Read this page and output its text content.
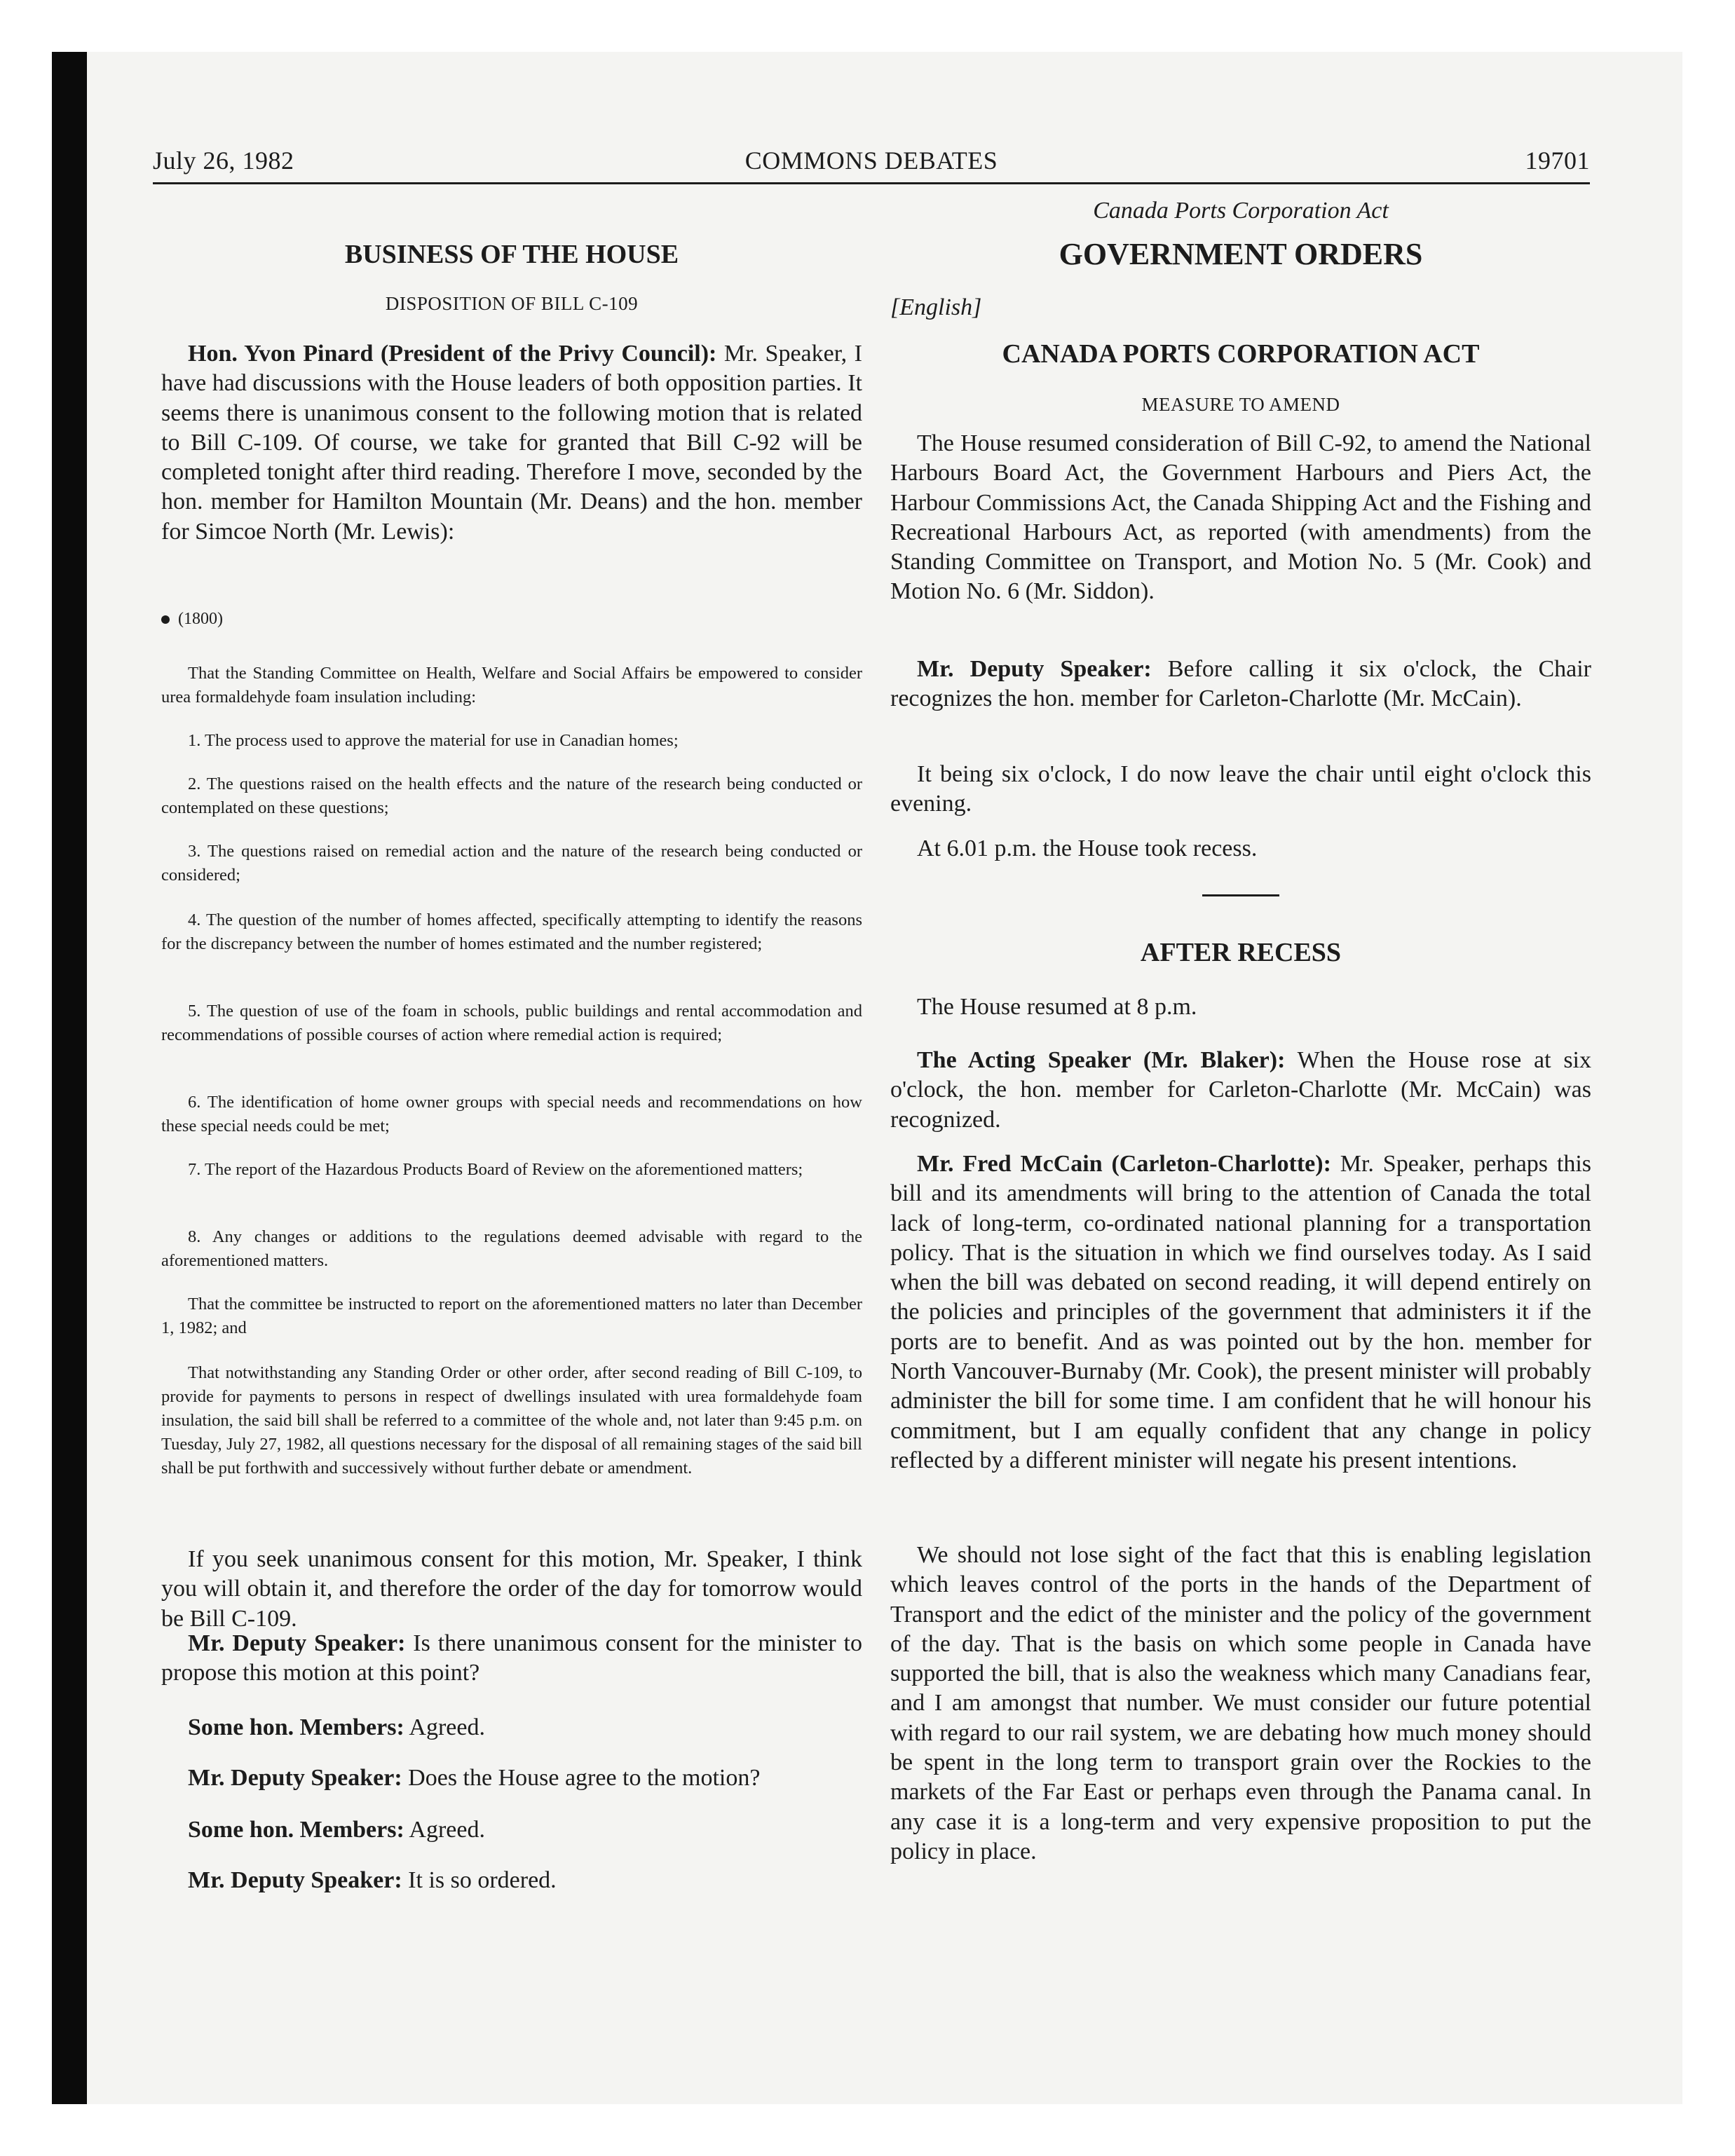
July 26, 1982	COMMONS DEBATES	19701
BUSINESS OF THE HOUSE
DISPOSITION OF BILL C-109

Hon. Yvon Pinard (President of the Privy Council): Mr. Speaker, I have had discussions with the House leaders of both opposition parties. It seems there is unanimous consent to the following motion that is related to Bill C-109. Of course, we take for granted that Bill C-92 will be completed tonight after third reading. Therefore I move, seconded by the hon. member for Hamilton Mountain (Mr. Deans) and the hon. member for Simcoe North (Mr. Lewis):

(1800)
That the Standing Committee on Health, Welfare and Social Affairs be empowered to consider urea formaldehyde foam insulation including:
1. The process used to approve the material for use in Canadian homes;
2. The questions raised on the health effects and the nature of the research being conducted or contemplated on these questions;
3. The questions raised on remedial action and the nature of the research being conducted or considered;
4. The question of the number of homes affected, specifically attempting to identify the reasons for the discrepancy between the number of homes estimated and the number registered;
5. The question of use of the foam in schools, public buildings and rental accommodation and recommendations of possible courses of action where remedial action is required;
6. The identification of home owner groups with special needs and recommendations on how these special needs could be met;
7. The report of the Hazardous Products Board of Review on the aforementioned matters;
8. Any changes or additions to the regulations deemed advisable with regard to the aforementioned matters.
That the committee be instructed to report on the aforementioned matters no later than December 1, 1982; and
That notwithstanding any Standing Order or other order, after second reading of Bill C-109, to provide for payments to persons in respect of dwellings insulated with urea formaldehyde foam insulation, the said bill shall be referred to a committee of the whole and, not later than 9:45 p.m. on Tuesday, July 27, 1982, all questions necessary for the disposal of all remaining stages of the said bill shall be put forthwith and successively without further debate or amendment.

If you seek unanimous consent for this motion, Mr. Speaker, I think you will obtain it, and therefore the order of the day for tomorrow would be Bill C-109.

Mr. Deputy Speaker: Is there unanimous consent for the minister to propose this motion at this point?

Some hon. Members: Agreed.

Mr. Deputy Speaker: Does the House agree to the motion?

Some hon. Members: Agreed.

Mr. Deputy Speaker: It is so ordered.

Canada Ports Corporation Act
GOVERNMENT ORDERS
[English]
CANADA PORTS CORPORATION ACT
MEASURE TO AMEND

The House resumed consideration of Bill C-92, to amend the National Harbours Board Act, the Government Harbours and Piers Act, the Harbour Commissions Act, the Canada Shipping Act and the Fishing and Recreational Harbours Act, as reported (with amendments) from the Standing Committee on Transport, and Motion No. 5 (Mr. Cook) and Motion No. 6 (Mr. Siddon).

Mr. Deputy Speaker: Before calling it six o'clock, the Chair recognizes the hon. member for Carleton-Charlotte (Mr. McCain).

It being six o'clock, I do now leave the chair until eight o'clock this evening.

At 6.01 p.m. the House took recess.

AFTER RECESS

The House resumed at 8 p.m.

The Acting Speaker (Mr. Blaker): When the House rose at six o'clock, the hon. member for Carleton-Charlotte (Mr. McCain) was recognized.

Mr. Fred McCain (Carleton-Charlotte): Mr. Speaker, perhaps this bill and its amendments will bring to the attention of Canada the total lack of long-term, co-ordinated national planning for a transportation policy. That is the situation in which we find ourselves today. As I said when the bill was debated on second reading, it will depend entirely on the policies and principles of the government that administers it if the ports are to benefit. And as was pointed out by the hon. member for North Vancouver-Burnaby (Mr. Cook), the present minister will probably administer the bill for some time. I am confident that he will honour his commitment, but I am equally confident that any change in policy reflected by a different minister will negate his present intentions.

We should not lose sight of the fact that this is enabling legislation which leaves control of the ports in the hands of the Department of Transport and the edict of the minister and the policy of the government of the day. That is the basis on which some people in Canada have supported the bill, that is also the weakness which many Canadians fear, and I am amongst that number. We must consider our future potential with regard to our rail system, we are debating how much money should be spent in the long term to transport grain over the Rockies to the markets of the Far East or perhaps even through the Panama canal. In any case it is a long-term and very expensive proposition to put the policy in place.
